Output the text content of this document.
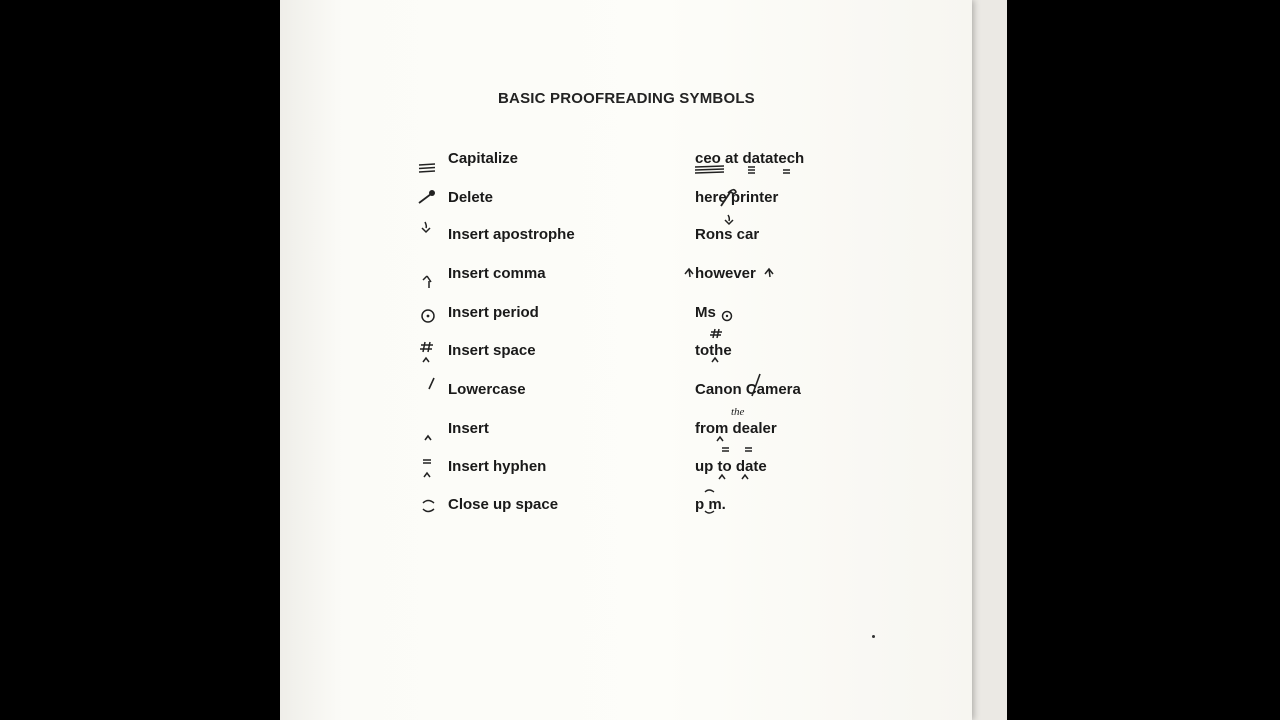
BASIC PROOFREADING SYMBOLS
Capitalize	ceo at datatech
Delete	here printer
Insert apostrophe	Rons car
Insert comma	however
Insert period	Ms
Insert space	tothe
Lowercase	Canon Camera
Insert	from dealer
the
Insert hyphen	up to date
Close up space	p m.
